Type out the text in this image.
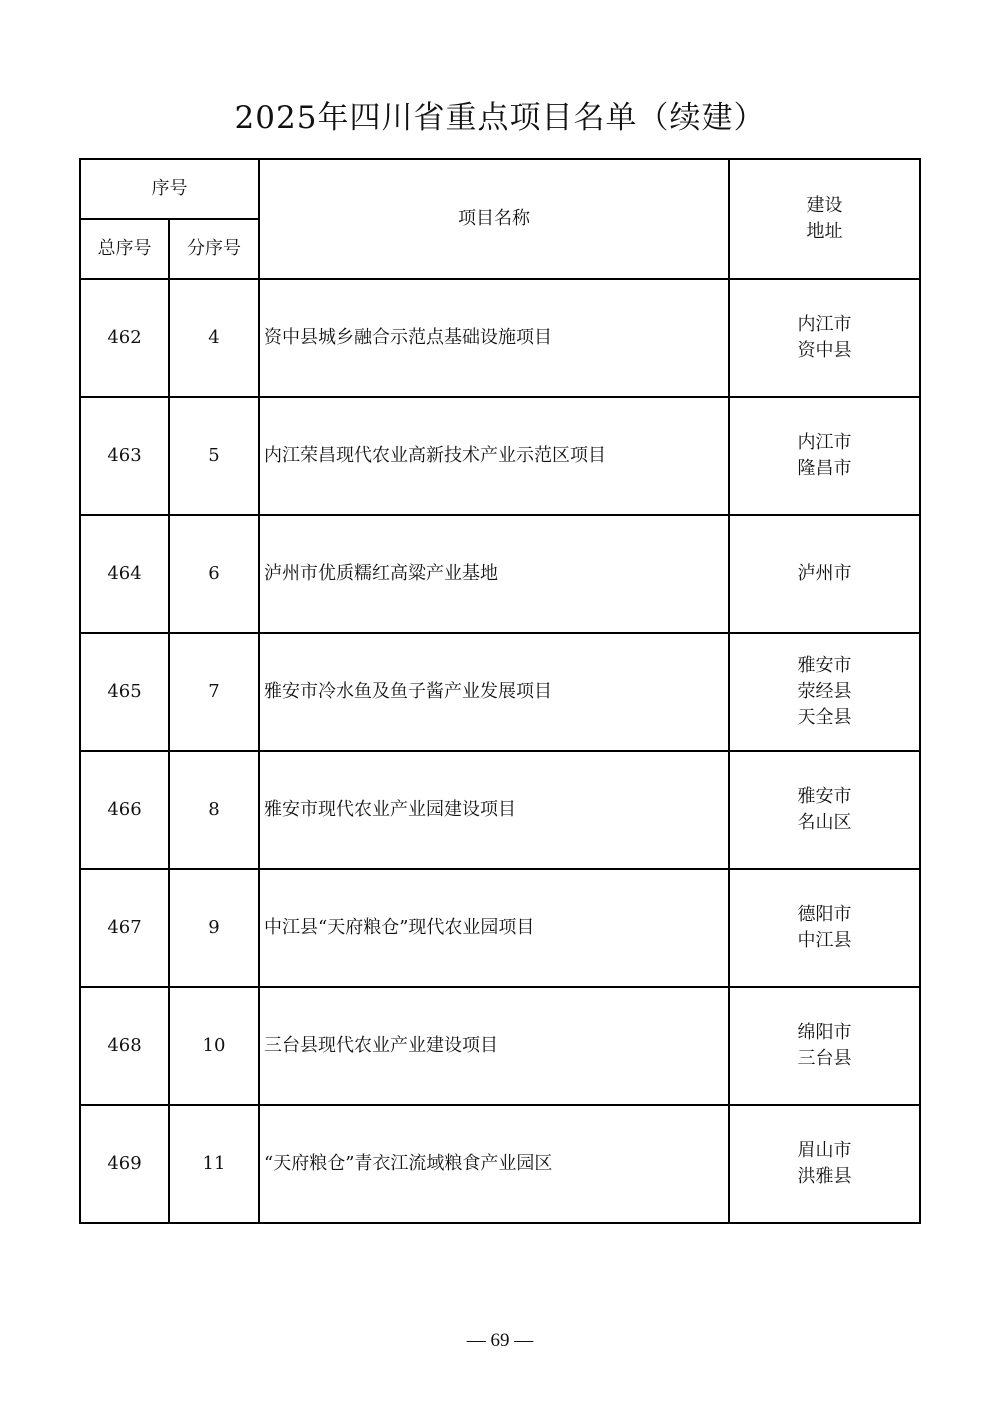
2025年四川省重点项目名单（续建）
序号		项目名称	建设
地址

总序号	分序号		
462	4	资中县城乡融合示范点基础设施项目	内江市
资中县

463	5	内江荣昌现代农业高新技术产业示范区项目	内江市
隆昌市

464	6	泸州市优质糯红高粱产业基地	泸州市

465	7	雅安市冷水鱼及鱼子酱产业发展项目	雅安市
荥经县
天全县

466	8	雅安市现代农业产业园建设项目	雅安市
名山区

467	9	中江县“天府粮仓”现代农业园项目	德阳市
中江县

468	10	三台县现代农业产业建设项目	绵阳市
三台县

469	11	“天府粮仓”青衣江流域粮食产业园区	眉山市
洪雅县
— 69 —
